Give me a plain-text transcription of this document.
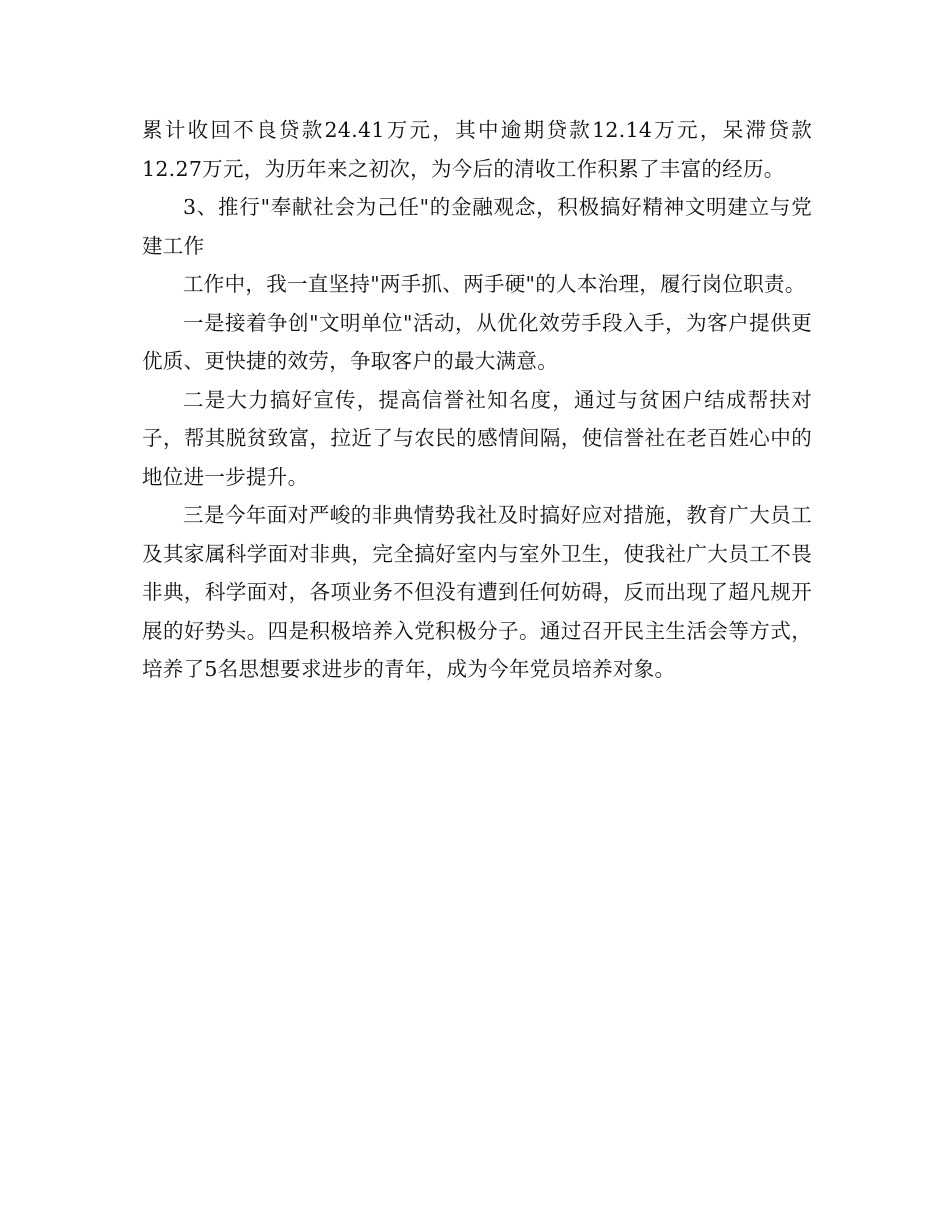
累计收回不良贷款24.41万元，其中逾期贷款12.14万元，呆滞贷款12.27万元，为历年来之初次，为今后的清收工作积累了丰富的经历。

3、推行"奉献社会为己任"的金融观念，积极搞好精神文明建立与党建工作

工作中，我一直坚持"两手抓、两手硬"的人本治理，履行岗位职责。

一是接着争创"文明单位"活动，从优化效劳手段入手，为客户提供更优质、更快捷的效劳，争取客户的最大满意。

二是大力搞好宣传，提高信誉社知名度，通过与贫困户结成帮扶对子，帮其脱贫致富，拉近了与农民的感情间隔，使信誉社在老百姓心中的地位进一步提升。

三是今年面对严峻的非典情势我社及时搞好应对措施，教育广大员工及其家属科学面对非典，完全搞好室内与室外卫生，使我社广大员工不畏非典，科学面对，各项业务不但没有遭到任何妨碍，反而出现了超凡规开展的好势头。四是积极培养入党积极分子。通过召开民主生活会等方式，培养了5名思想要求进步的青年，成为今年党员培养对象。
